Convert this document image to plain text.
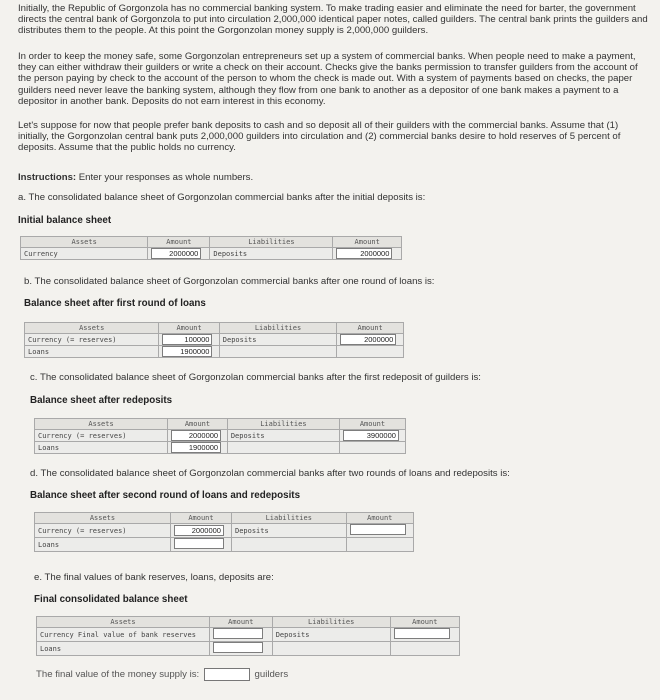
Initially, the Republic of Gorgonzola has no commercial banking system. To make trading easier and eliminate the need for barter, the government directs the central bank of Gorgonzola to put into circulation 2,000,000 identical paper notes, called guilders. The central bank prints the guilders and distributes them to the people. At this point the Gorgonzolan money supply is 2,000,000 guilders.
In order to keep the money safe, some Gorgonzolan entrepreneurs set up a system of commercial banks. When people need to make a payment, they can either withdraw their guilders or write a check on their account. Checks give the banks permission to transfer guilders from the account of the person paying by check to the account of the person to whom the check is made out. With a system of payments based on checks, the paper guilders need never leave the banking system, although they flow from one bank to another as a depositor of one bank makes a payment to a depositor in another bank. Deposits do not earn interest in this economy.
Let's suppose for now that people prefer bank deposits to cash and so deposit all of their guilders with the commercial banks. Assume that (1) initially, the Gorgonzolan central bank puts 2,000,000 guilders into circulation and (2) commercial banks desire to hold reserves of 5 percent of deposits. Assume that the public holds no currency.
Instructions: Enter your responses as whole numbers.
a. The consolidated balance sheet of Gorgonzolan commercial banks after the initial deposits is:
Initial balance sheet
Assets	Amount	Liabilities	Amount
Currency	2000000	Deposits	2000000
b. The consolidated balance sheet of Gorgonzolan commercial banks after one round of loans is:
Balance sheet after first round of loans
Assets	Amount	Liabilities	Amount
Currency (= reserves)	100000	Deposits	2000000
Loans	1900000		
c. The consolidated balance sheet of Gorgonzolan commercial banks after the first redeposit of guilders is:
Balance sheet after redeposits
Assets	Amount	Liabilities	Amount
Currency (= reserves)	2000000	Deposits	3900000
Loans	1900000		
d. The consolidated balance sheet of Gorgonzolan commercial banks after two rounds of loans and redeposits is:
Balance sheet after second round of loans and redeposits
Assets	Amount	Liabilities	Amount
Currency (= reserves)	2000000	Deposits	
Loans			
e. The final values of bank reserves, loans, deposits are:
Final consolidated balance sheet
Assets	Amount	Liabilities	Amount
Currency Final value of bank reserves		Deposits	
Loans			
The final value of the money supply is:	guilders
